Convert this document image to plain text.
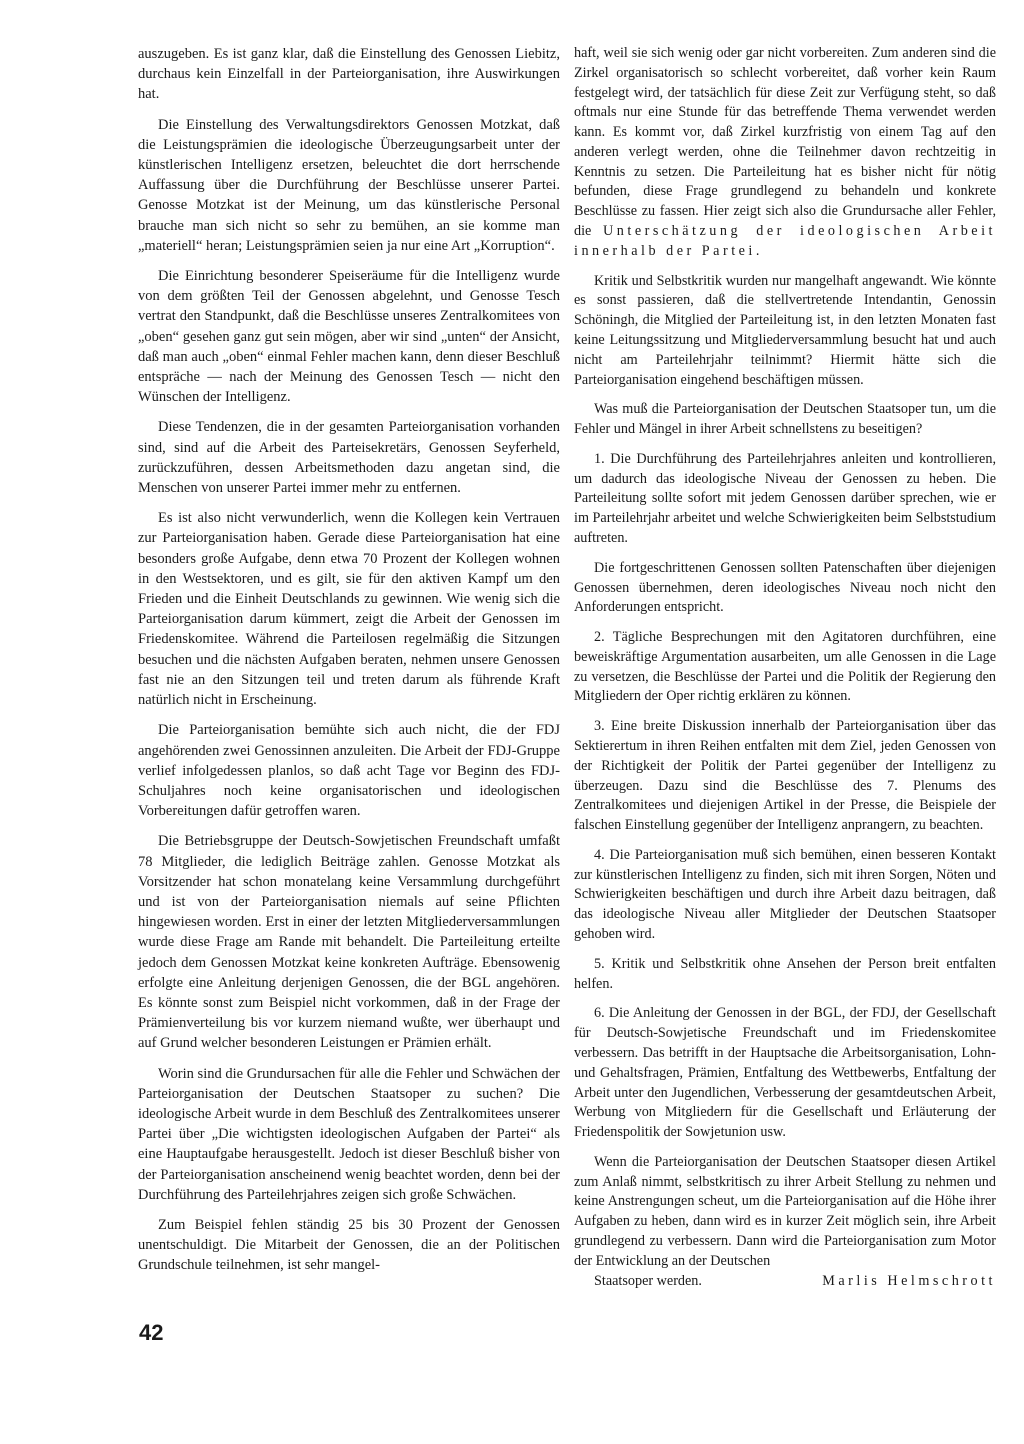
auszugeben. Es ist ganz klar, daß die Einstellung des Genossen Liebitz, durchaus kein Einzelfall in der Parteiorganisation, ihre Auswirkungen hat.

Die Einstellung des Verwaltungsdirektors Genossen Motzkat, daß die Leistungsprämien die ideologische Überzeugungsarbeit unter der künstlerischen Intelligenz ersetzen, beleuchtet die dort herrschende Auffassung über die Durchführung der Beschlüsse unserer Partei. Genosse Motzkat ist der Meinung, um das künstlerische Personal brauche man sich nicht so sehr zu bemühen, an sie komme man „materiell“ heran; Leistungsprämien seien ja nur eine Art „Korruption“.

Die Einrichtung besonderer Speiseräume für die Intelligenz wurde von dem größten Teil der Genossen abgelehnt, und Genosse Tesch vertrat den Standpunkt, daß die Beschlüsse unseres Zentralkomitees von „oben“ gesehen ganz gut sein mögen, aber wir sind „unten“ der Ansicht, daß man auch „oben“ einmal Fehler machen kann, denn dieser Beschluß entspräche — nach der Meinung des Genossen Tesch — nicht den Wünschen der Intelligenz.

Diese Tendenzen, die in der gesamten Parteiorganisation vorhanden sind, sind auf die Arbeit des Parteisekretärs, Genossen Seyferheld, zurückzuführen, dessen Arbeitsmethoden dazu angetan sind, die Menschen von unserer Partei immer mehr zu entfernen.

Es ist also nicht verwunderlich, wenn die Kollegen kein Vertrauen zur Parteiorganisation haben. Gerade diese Parteiorganisation hat eine besonders große Aufgabe, denn etwa 70 Prozent der Kollegen wohnen in den Westsektoren, und es gilt, sie für den aktiven Kampf um den Frieden und die Einheit Deutschlands zu gewinnen. Wie wenig sich die Parteiorganisation darum kümmert, zeigt die Arbeit der Genossen im Friedenskomitee. Während die Parteilosen regelmäßig die Sitzungen besuchen und die nächsten Aufgaben beraten, nehmen unsere Genossen fast nie an den Sitzungen teil und treten darum als führende Kraft natürlich nicht in Erscheinung.

Die Parteiorganisation bemühte sich auch nicht, die der FDJ angehörenden zwei Genossinnen anzuleiten. Die Arbeit der FDJ-Gruppe verlief infolgedessen planlos, so daß acht Tage vor Beginn des FDJ-Schuljahres noch keine organisatorischen und ideologischen Vorbereitungen dafür getroffen waren.

Die Betriebsgruppe der Deutsch-Sowjetischen Freundschaft umfaßt 78 Mitglieder, die lediglich Beiträge zahlen. Genosse Motzkat als Vorsitzender hat schon monatelang keine Versammlung durchgeführt und ist von der Parteiorganisation niemals auf seine Pflichten hingewiesen worden. Erst in einer der letzten Mitgliederversammlungen wurde diese Frage am Rande mit behandelt. Die Parteileitung erteilte jedoch dem Genossen Motzkat keine konkreten Aufträge. Ebensowenig erfolgte eine Anleitung derjenigen Genossen, die der BGL angehören. Es könnte sonst zum Beispiel nicht vorkommen, daß in der Frage der Prämienverteilung bis vor kurzem niemand wußte, wer überhaupt und auf Grund welcher besonderen Leistungen er Prämien erhält.

Worin sind die Grundursachen für alle die Fehler und Schwächen der Parteiorganisation der Deutschen Staatsoper zu suchen? Die ideologische Arbeit wurde in dem Beschluß des Zentralkomitees unserer Partei über „Die wichtigsten ideologischen Aufgaben der Partei“ als eine Hauptaufgabe herausgestellt. Jedoch ist dieser Beschluß bisher von der Parteiorganisation anscheinend wenig beachtet worden, denn bei der Durchführung des Parteilehrjahres zeigen sich große Schwächen.

Zum Beispiel fehlen ständig 25 bis 30 Prozent der Genossen unentschuldigt. Die Mitarbeit der Genossen, die an der Politischen Grundschule teilnehmen, ist sehr mangel-

haft, weil sie sich wenig oder gar nicht vorbereiten. Zum anderen sind die Zirkel organisatorisch so schlecht vorbereitet, daß vorher kein Raum festgelegt wird, der tatsächlich für diese Zeit zur Verfügung steht, so daß oftmals nur eine Stunde für das betreffende Thema verwendet werden kann. Es kommt vor, daß Zirkel kurzfristig von einem Tag auf den anderen verlegt werden, ohne die Teilnehmer davon rechtzeitig in Kenntnis zu setzen. Die Parteileitung hat es bisher nicht für nötig befunden, diese Frage grundlegend zu behandeln und konkrete Beschlüsse zu fassen. Hier zeigt sich also die Grundursache aller Fehler, die Unterschätzung der ideologischen Arbeit innerhalb der Partei.

Kritik und Selbstkritik wurden nur mangelhaft angewandt. Wie könnte es sonst passieren, daß die stellvertretende Intendantin, Genossin Schöningh, die Mitglied der Parteileitung ist, in den letzten Monaten fast keine Leitungssitzung und Mitgliederversammlung besucht hat und auch nicht am Parteilehrjahr teilnimmt? Hiermit hätte sich die Parteiorganisation eingehend beschäftigen müssen.

Was muß die Parteiorganisation der Deutschen Staatsoper tun, um die Fehler und Mängel in ihrer Arbeit schnellstens zu beseitigen?

1. Die Durchführung des Parteilehrjahres anleiten und kontrollieren, um dadurch das ideologische Niveau der Genossen zu heben. Die Parteileitung sollte sofort mit jedem Genossen darüber sprechen, wie er im Parteilehrjahr arbeitet und welche Schwierigkeiten beim Selbststudium auftreten.

Die fortgeschrittenen Genossen sollten Patenschaften über diejenigen Genossen übernehmen, deren ideologisches Niveau noch nicht den Anforderungen entspricht.

2. Tägliche Besprechungen mit den Agitatoren durchführen, eine beweiskräftige Argumentation ausarbeiten, um alle Genossen in die Lage zu versetzen, die Beschlüsse der Partei und die Politik der Regierung den Mitgliedern der Oper richtig erklären zu können.

3. Eine breite Diskussion innerhalb der Parteiorganisation über das Sektierertum in ihren Reihen entfalten mit dem Ziel, jeden Genossen von der Richtigkeit der Politik der Partei gegenüber der Intelligenz zu überzeugen. Dazu sind die Beschlüsse des 7. Plenums des Zentralkomitees und diejenigen Artikel in der Presse, die Beispiele der falschen Einstellung gegenüber der Intelligenz anprangern, zu beachten.

4. Die Parteiorganisation muß sich bemühen, einen besseren Kontakt zur künstlerischen Intelligenz zu finden, sich mit ihren Sorgen, Nöten und Schwierigkeiten beschäftigen und durch ihre Arbeit dazu beitragen, daß das ideologische Niveau aller Mitglieder der Deutschen Staatsoper gehoben wird.

5. Kritik und Selbstkritik ohne Ansehen der Person breit entfalten helfen.

6. Die Anleitung der Genossen in der BGL, der FDJ, der Gesellschaft für Deutsch-Sowjetische Freundschaft und im Friedenskomitee verbessern. Das betrifft in der Hauptsache die Arbeitsorganisation, Lohn- und Gehaltsfragen, Prämien, Entfaltung des Wettbewerbs, Entfaltung der Arbeit unter den Jugendlichen, Verbesserung der gesamtdeutschen Arbeit, Werbung von Mitgliedern für die Gesellschaft und Erläuterung der Friedenspolitik der Sowjetunion usw.

Wenn die Parteiorganisation der Deutschen Staatsoper diesen Artikel zum Anlaß nimmt, selbstkritisch zu ihrer Arbeit Stellung zu nehmen und keine Anstrengungen scheut, um die Parteiorganisation auf die Höhe ihrer Aufgaben zu heben, dann wird es in kurzer Zeit möglich sein, ihre Arbeit grundlegend zu verbessern. Dann wird die Parteiorganisation zum Motor der Entwicklung an der Deutschen
Staatsoper werden.	Marlis Helmschrott

42
